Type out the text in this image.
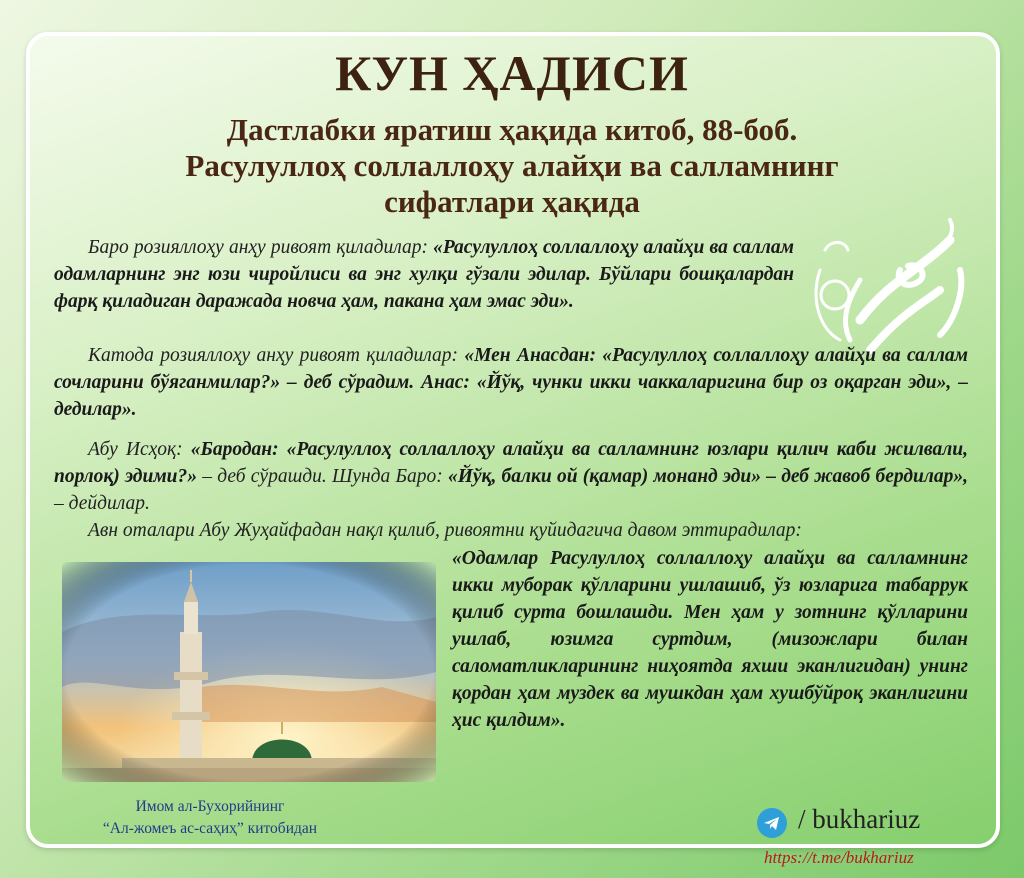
КУН ҲАДИСИ
Дастлабки яратиш ҳақида китоб, 88-боб.
Расулуллоҳ соллаллоҳу алайҳи ва салламнинг
сифатлари ҳақида
Баро розияллоҳу анҳу ривоят қиладилар: «Расулуллоҳ соллаллоҳу алайҳи ва саллам одамларнинг энг юзи чиройлиси ва энг хулқи гўзали эдилар. Бўйлари бошқалардан фарқ қиладиган даражада новча ҳам, пакана ҳам эмас эди».
Катода розияллоҳу анҳу ривоят қиладилар: «Мен Анасдан: «Расулуллоҳ соллаллоҳу алайҳи ва саллам сочларини бўяганмилар?» – деб сўрадим. Анас: «Йўқ, чунки икки чаккаларигина бир оз оқарган эди», – дедилар».
Абу Исҳоқ: «Бародан: «Расулуллоҳ соллаллоҳу алайҳи ва салламнинг юзлари қилич каби жилвали, порлоқ) эдими?» – деб сўрашди. Шунда Баро: «Йўқ, балки ой (қамар) монанд эди» – деб жавоб бердилар», – дейдилар.
Авн оталари Абу Жуҳайфадан нақл қилиб, ривоятни қуйидагича давом эттирадилар:
«Одамлар Расулуллоҳ соллаллоҳу алайҳи ва салламнинг икки муборак қўлларини ушлашиб, ўз юзларига табаррук қилиб сурта бошлашди. Мен ҳам у зотнинг қўлларини ушлаб, юзимга суртдим, (мизожлари билан саломатликларининг ниҳоятда яхши эканлигидан) унинг қордан ҳам муздек ва мушкдан ҳам хушбўйроқ эканлигини ҳис қилдим».
Имом ал-Бухорийнинг
“Ал-жомеъ ас-саҳиҳ” китобидан	/ bukhariuz
https://t.me/bukhariuz
